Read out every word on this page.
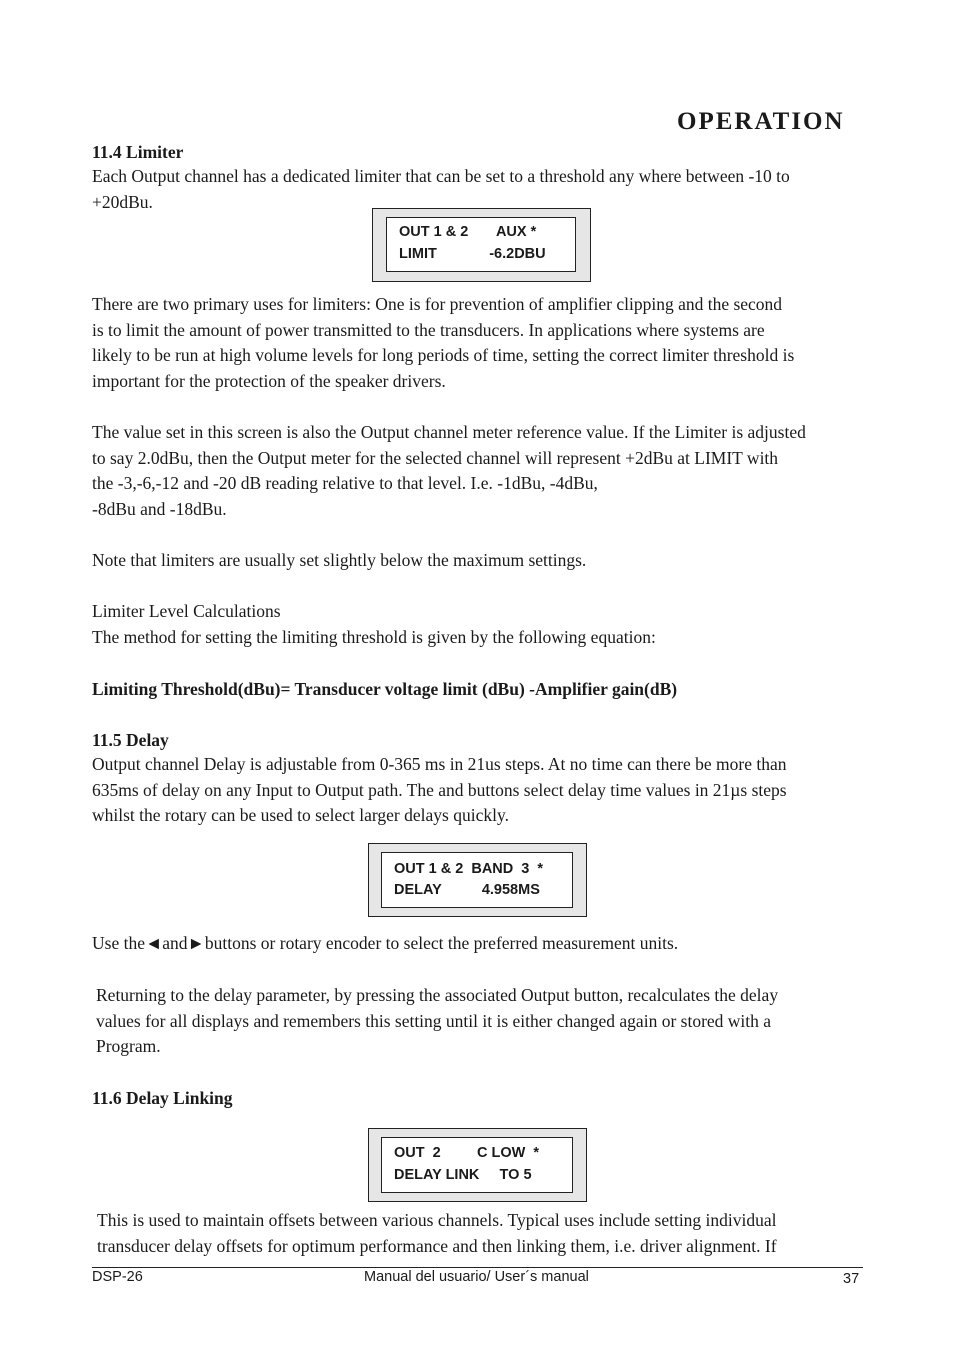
OPERATION
11.4 Limiter

Each Output channel has a dedicated limiter that can be set to a threshold any where between -10 to
+20dBu.

OUT 1 & 2       AUX *
LIMIT             -6.2DBU

There are two primary uses for limiters: One is for prevention of amplifier clipping and the second
is to limit the amount of power transmitted to the transducers. In applications where systems are
likely to be run at high volume levels for long periods of time, setting the correct limiter threshold is
important for the protection of the speaker drivers.

The value set in this screen is also the Output channel meter reference value. If the Limiter is adjusted
to say 2.0dBu, then the Output meter for the selected channel will represent +2dBu at LIMIT with
the -3,-6,-12 and -20 dB reading relative to that level. I.e. -1dBu, -4dBu,
-8dBu and -18dBu.

Note that limiters are usually set slightly below the maximum settings.

Limiter Level Calculations
The method for setting the limiting threshold is given by the following equation:

Limiting Threshold(dBu)= Transducer voltage limit (dBu) -Amplifier gain(dB)
11.5 Delay

Output channel Delay is adjustable from 0-365 ms in 21us steps. At no time can there be more than
635ms of delay on any Input to Output path. The and buttons select delay time values in 21µs steps
whilst the rotary can be used to select larger delays quickly.

OUT 1 & 2  BAND  3  *
DELAY          4.958MS

Use the◄and►buttons or rotary encoder to select the preferred measurement units.

Returning to the delay parameter, by pressing the associated Output button, recalculates the delay
values for all displays and remembers this setting until it is either changed again or stored with a
Program.

11.6 Delay Linking
OUT  2         C LOW  *
DELAY LINK     TO 5

This is used to maintain offsets between various channels. Typical uses include setting individual
transducer delay offsets for optimum performance and then linking them, i.e. driver alignment. If

DSP-26	Manual del usuario/ User´s manual	37
